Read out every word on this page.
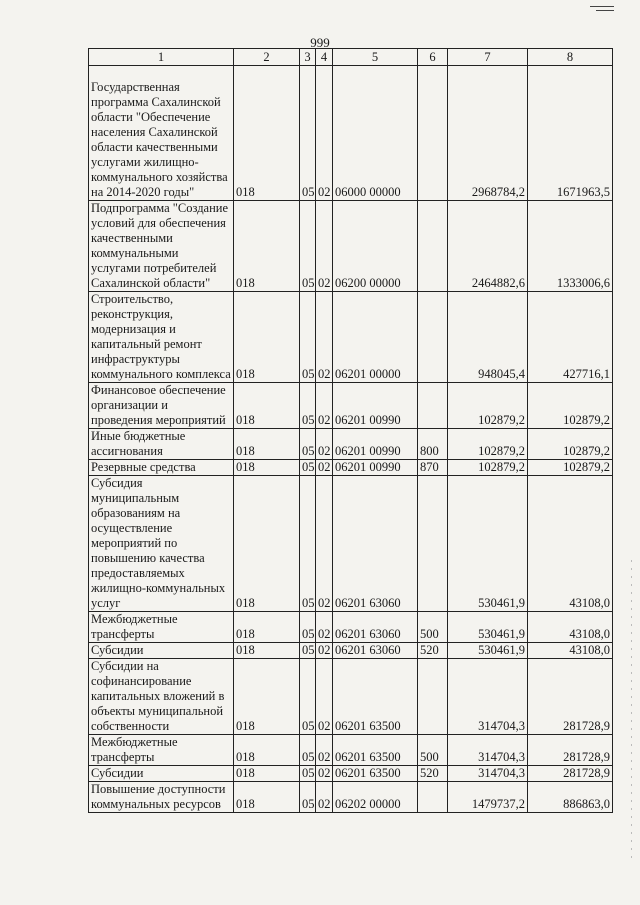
999
1	2	3	4	5	6	7	8

Государственная программа Сахалинской области "Обеспечение населения Сахалинской области качественными услугами жилищно-коммунального хозяйства на 2014-2020 годы"	018	05	02	06000 00000		2968784,2	1671963,5

Подпрограмма "Создание условий для обеспечения качественными коммунальными услугами потребителей Сахалинской области"	018	05	02	06200 00000		2464882,6	1333006,6

Строительство, реконструкция, модернизация и капитальный ремонт инфраструктуры коммунального комплекса	018	05	02	06201 00000		948045,4	427716,1

Финансовое обеспечение организации и проведения мероприятий	018	05	02	06201 00990		102879,2	102879,2

Иные бюджетные ассигнования	018	05	02	06201 00990	800	102879,2	102879,2

Резервные средства	018	05	02	06201 00990	870	102879,2	102879,2

Субсидия муниципальным образованиям на осуществление мероприятий по повышению качества предоставляемых жилищно-коммунальных услуг	018	05	02	06201 63060		530461,9	43108,0

Межбюджетные трансферты	018	05	02	06201 63060	500	530461,9	43108,0

Субсидии	018	05	02	06201 63060	520	530461,9	43108,0

Субсидии на софинансирование капитальных вложений в объекты муниципальной собственности	018	05	02	06201 63500		314704,3	281728,9

Межбюджетные трансферты	018	05	02	06201 63500	500	314704,3	281728,9

Субсидии	018	05	02	06201 63500	520	314704,3	281728,9

Повышение доступности коммунальных ресурсов	018	05	02	06202 00000		1479737,2	886863,0
